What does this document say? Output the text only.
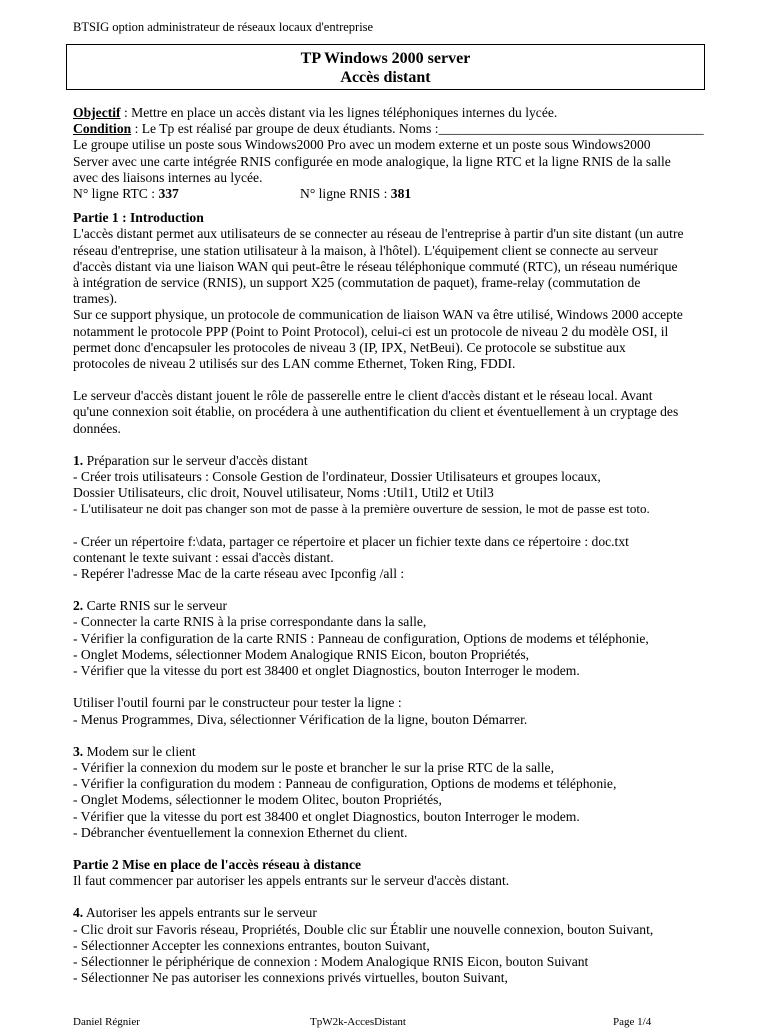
BTSIG option administrateur de réseaux locaux d'entreprise
TP Windows 2000 server
Accès distant

Objectif : Mettre en place un accès distant via les lignes téléphoniques internes du lycée.

Condition : Le Tp est réalisé par groupe de deux étudiants. Noms :_______________________________________

Le groupe utilise un poste sous Windows2000 Pro avec un modem externe et un poste sous Windows2000

Server avec une carte intégrée RNIS configurée en mode analogique, la ligne RTC et la ligne RNIS de la salle

avec des liaisons internes au lycée.

N° ligne RTC : 337	N° ligne RNIS : 381

Partie 1 : Introduction

L'accès distant permet aux utilisateurs de se connecter au réseau de l'entreprise à partir d'un site distant (un autre

réseau d'entreprise, une station utilisateur à la maison, à l'hôtel). L'équipement client se connecte au serveur

d'accès distant via une liaison WAN qui peut-être le réseau téléphonique commuté (RTC), un réseau numérique

à intégration de service (RNIS), un support X25 (commutation de paquet), frame-relay (commutation de

trames).

Sur ce support physique, un protocole de communication de liaison WAN va être utilisé, Windows 2000 accepte

notamment le protocole PPP (Point to Point Protocol), celui-ci est un protocole de niveau 2 du modèle OSI, il

permet donc d'encapsuler les protocoles de niveau 3 (IP, IPX, NetBeui). Ce protocole se substitue aux

protocoles de niveau 2 utilisés sur des LAN comme Ethernet, Token Ring, FDDI.

Le serveur d'accès distant jouent le rôle de passerelle entre le client d'accès distant et le réseau local. Avant

qu'une connexion soit établie, on procédera à une authentification du client et éventuellement à un cryptage des

données.

1. Préparation sur le serveur d'accès distant

- Créer trois utilisateurs : Console Gestion de l'ordinateur, Dossier Utilisateurs et groupes locaux,

Dossier Utilisateurs, clic droit, Nouvel utilisateur, Noms :Util1, Util2 et Util3

- L'utilisateur ne doit pas changer son mot de passe à la première ouverture de session, le mot de passe est toto.

- Créer un répertoire f:\data, partager ce répertoire et placer un fichier texte dans ce répertoire : doc.txt

contenant le texte suivant : essai d'accès distant.

- Repérer l'adresse Mac de la carte réseau avec Ipconfig /all :

2. Carte RNIS sur le serveur

- Connecter la carte RNIS à la prise correspondante dans la salle,

- Vérifier la configuration de la carte RNIS : Panneau de configuration, Options de modems et téléphonie,

- Onglet Modems, sélectionner Modem Analogique RNIS Eicon, bouton Propriétés,

- Vérifier que la vitesse du port est 38400 et onglet Diagnostics, bouton Interroger le modem.

Utiliser l'outil fourni par le constructeur pour tester la ligne :

- Menus Programmes, Diva, sélectionner Vérification de la ligne, bouton Démarrer.

3. Modem sur le client

- Vérifier la connexion du modem sur le poste et brancher le sur la prise RTC de la salle,

- Vérifier la configuration du modem : Panneau de configuration, Options de modems et téléphonie,

- Onglet Modems, sélectionner le modem Olitec, bouton Propriétés,

- Vérifier que la vitesse du port est 38400 et onglet Diagnostics, bouton Interroger le modem.

- Débrancher éventuellement la connexion Ethernet du client.

Partie 2 Mise en place de l'accès réseau à distance

Il faut commencer par autoriser les appels entrants sur le serveur d'accès distant.

4. Autoriser les appels entrants sur le serveur

- Clic droit sur Favoris réseau, Propriétés, Double clic sur Établir une nouvelle connexion, bouton Suivant,

- Sélectionner Accepter les connexions entrantes, bouton Suivant,

- Sélectionner le périphérique de connexion : Modem Analogique RNIS Eicon, bouton Suivant

- Sélectionner Ne pas autoriser les connexions privés virtuelles, bouton Suivant,

Daniel Régnier	TpW2k-AccesDistant	Page 1/4
